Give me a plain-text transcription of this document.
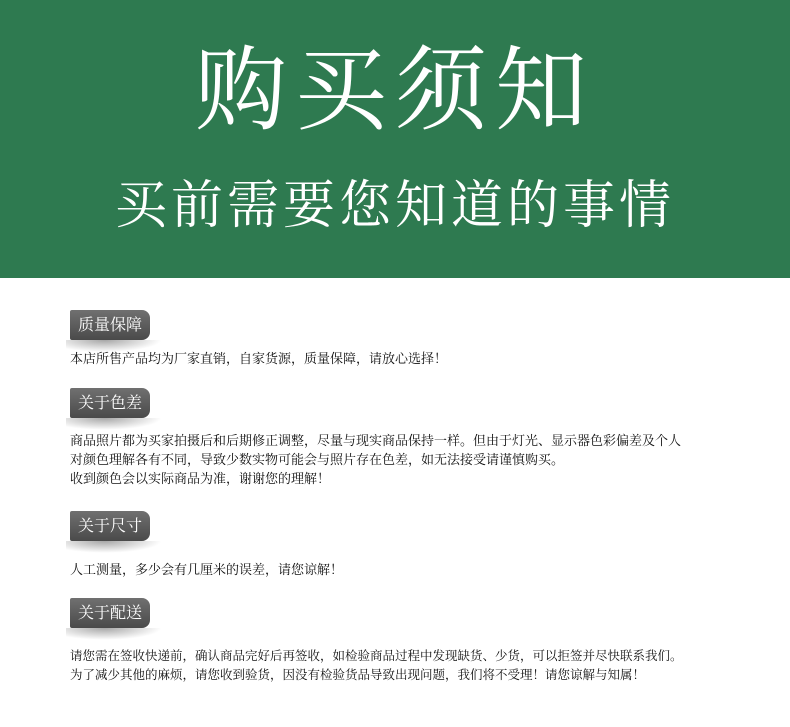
购买须知
买前需要您知道的事情
质量保障
本店所售产品均为厂家直销，自家货源，质量保障，请放心选择！
关于色差
商品照片都为买家拍摄后和后期修正调整，尽量与现实商品保持一样。但由于灯光、显示器色彩偏差及个人
对颜色理解各有不同，导致少数实物可能会与照片存在色差，如无法接受请谨慎购买。
收到颜色会以实际商品为准，谢谢您的理解！
关于尺寸
人工测量，多少会有几厘米的误差，请您谅解！
关于配送
请您需在签收快递前，确认商品完好后再签收，如检验商品过程中发现缺货、少货，可以拒签并尽快联系我们。
为了减少其他的麻烦，请您收到验货，因没有检验货品导致出现问题，我们将不受理！请您谅解与知属！
